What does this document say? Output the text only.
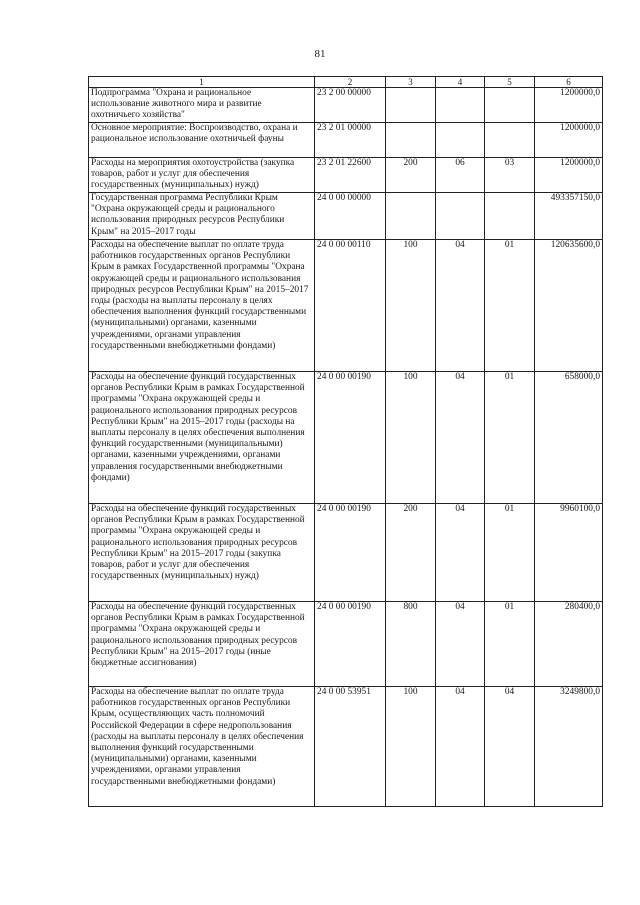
81
1	2	3	4	5	6
Подпрограмма "Охрана и рациональное использование животного мира и развитие охотничьего хозяйства"	23 2 00 00000				1200000,0
Основное мероприятие: Воспроизводство, охрана и рациональное использование охотничьей фауны	23 2 01 00000				1200000,0
Расходы на мероприятия охотоустройства (закупка товаров, работ и услуг для обеспечения государственных (муниципальных) нужд)	23 2 01 22600	200	06	03	1200000,0
Государственная программа Республики Крым "Охрана окружающей среды и рационального использования природных ресурсов Республики Крым" на 2015–2017 годы	24 0 00 00000				493357150,0
Расходы на обеспечение выплат по оплате труда работников государственных органов Республики Крым в рамках Государственной программы "Охрана окружающей среды и рационального использования природных ресурсов Республики Крым" на 2015–2017 годы (расходы на выплаты персоналу в целях обеспечения выполнения функций государственными (муниципальными) органами, казенными учреждениями, органами управления государственными внебюджетными фондами)	24 0 00 00110	100	04	01	120635600,0
Расходы на обеспечение функций государственных органов Республики Крым в рамках Государственной программы "Охрана окружающей среды и рационального использования природных ресурсов Республики Крым" на 2015–2017 годы (расходы на выплаты персоналу в целях обеспечения выполнения функций государственными (муниципальными) органами, казенными учреждениями, органами управления государственными внебюджетными фондами)	24 0 00 00190	100	04	01	658000,0
Расходы на обеспечение функций государственных органов Республики Крым в рамках Государственной программы "Охрана окружающей среды и рационального использования природных ресурсов Республики Крым" на 2015–2017 годы (закупка товаров, работ и услуг для обеспечения государственных (муниципальных) нужд)	24 0 00 00190	200	04	01	9960100,0
Расходы на обеспечение функций государственных органов Республики Крым в рамках Государственной программы "Охрана окружающей среды и рационального использования природных ресурсов Республики Крым" на 2015–2017 годы (иные бюджетные ассигнования)	24 0 00 00190	800	04	01	280400,0
Расходы на обеспечение выплат по оплате труда работников государственных органов Республики Крым, осуществляющих часть полномочий Российской Федерации в сфере недропользования (расходы на выплаты персоналу в целях обеспечения выполнения функций государственными (муниципальными) органами, казенными учреждениями, органами управления государственными внебюджетными фондами)	24 0 00 53951	100	04	04	3249800,0
